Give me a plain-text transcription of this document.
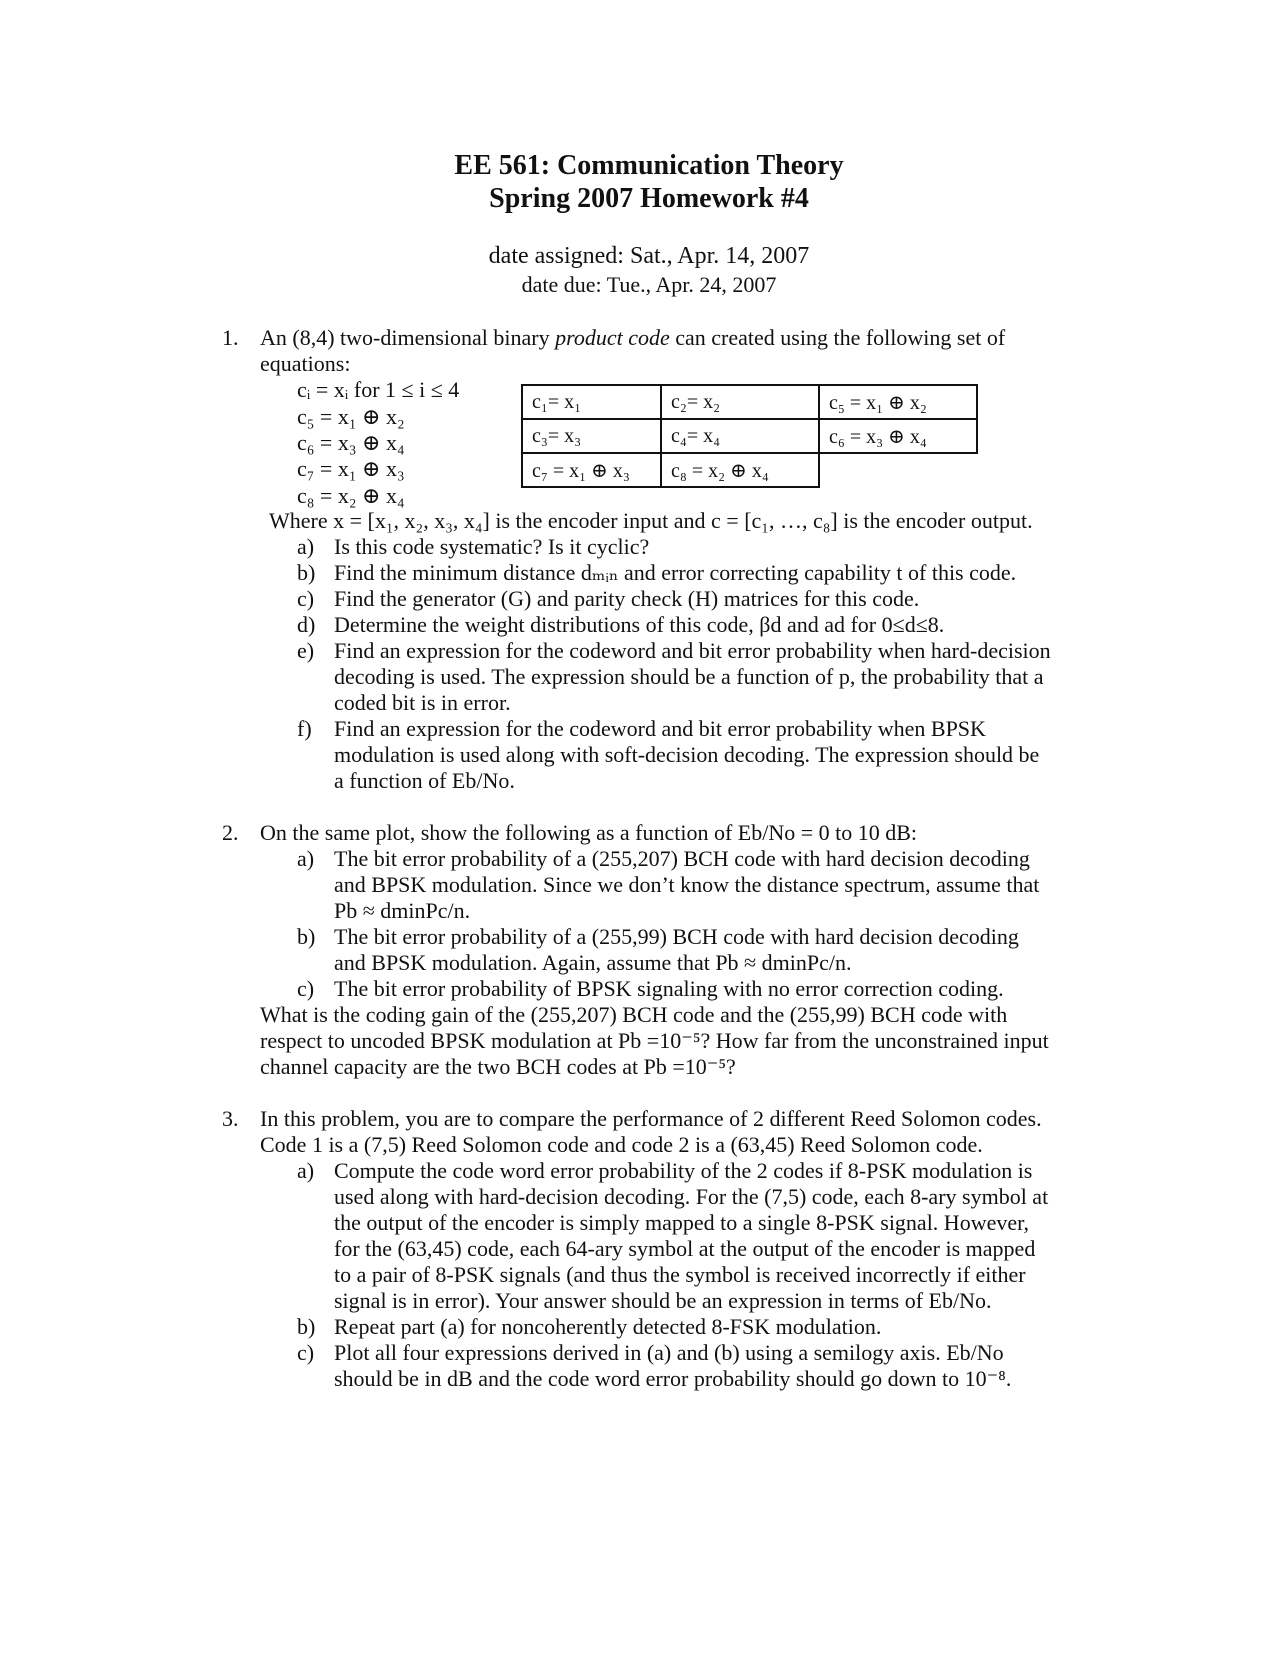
EE 561: Communication Theory
Spring 2007 Homework #4
date assigned: Sat., Apr. 14, 2007
date due: Tue., Apr. 24, 2007
1. An (8,4) two-dimensional binary product code can created using the following set of
equations:
cᵢ = xᵢ for 1 ≤ i ≤ 4
c₅ = x₁ ⊕ x₂
c₆ = x₃ ⊕ x₄
c₇ = x₁ ⊕ x₃
c₈ = x₂ ⊕ x₄
c₁= x₁	c₂= x₂	c₅ = x₁ ⊕ x₂
c₃= x₃	c₄= x₄	c₆ = x₃ ⊕ x₄
c₇ = x₁ ⊕ x₃	c₈ = x₂ ⊕ x₄	
Where x = [x₁, x₂, x₃, x₄] is the encoder input and c = [c₁, …, c₈] is the encoder output.
a) Is this code systematic? Is it cyclic?
b) Find the minimum distance dₘᵢₙ and error correcting capability t of this code.
c) Find the generator (G) and parity check (H) matrices for this code.
d) Determine the weight distributions of this code, βd and ad for 0≤d≤8.
e) Find an expression for the codeword and bit error probability when hard-decision
decoding is used. The expression should be a function of p, the probability that a
coded bit is in error.
f) Find an expression for the codeword and bit error probability when BPSK
modulation is used along with soft-decision decoding. The expression should be
a function of Eb/No.
2. On the same plot, show the following as a function of Eb/No = 0 to 10 dB:
a) The bit error probability of a (255,207) BCH code with hard decision decoding
and BPSK modulation. Since we don’t know the distance spectrum, assume that
Pb ≈ dminPc/n.
b) The bit error probability of a (255,99) BCH code with hard decision decoding
and BPSK modulation. Again, assume that Pb ≈ dminPc/n.
c) The bit error probability of BPSK signaling with no error correction coding.
What is the coding gain of the (255,207) BCH code and the (255,99) BCH code with
respect to uncoded BPSK modulation at Pb =10⁻⁵? How far from the unconstrained input
channel capacity are the two BCH codes at Pb =10⁻⁵?
3. In this problem, you are to compare the performance of 2 different Reed Solomon codes.
Code 1 is a (7,5) Reed Solomon code and code 2 is a (63,45) Reed Solomon code.
a) Compute the code word error probability of the 2 codes if 8-PSK modulation is
used along with hard-decision decoding. For the (7,5) code, each 8-ary symbol at
the output of the encoder is simply mapped to a single 8-PSK signal. However,
for the (63,45) code, each 64-ary symbol at the output of the encoder is mapped
to a pair of 8-PSK signals (and thus the symbol is received incorrectly if either
signal is in error). Your answer should be an expression in terms of Eb/No.
b) Repeat part (a) for noncoherently detected 8-FSK modulation.
c) Plot all four expressions derived in (a) and (b) using a semilogy axis. Eb/No
should be in dB and the code word error probability should go down to 10⁻⁸.
